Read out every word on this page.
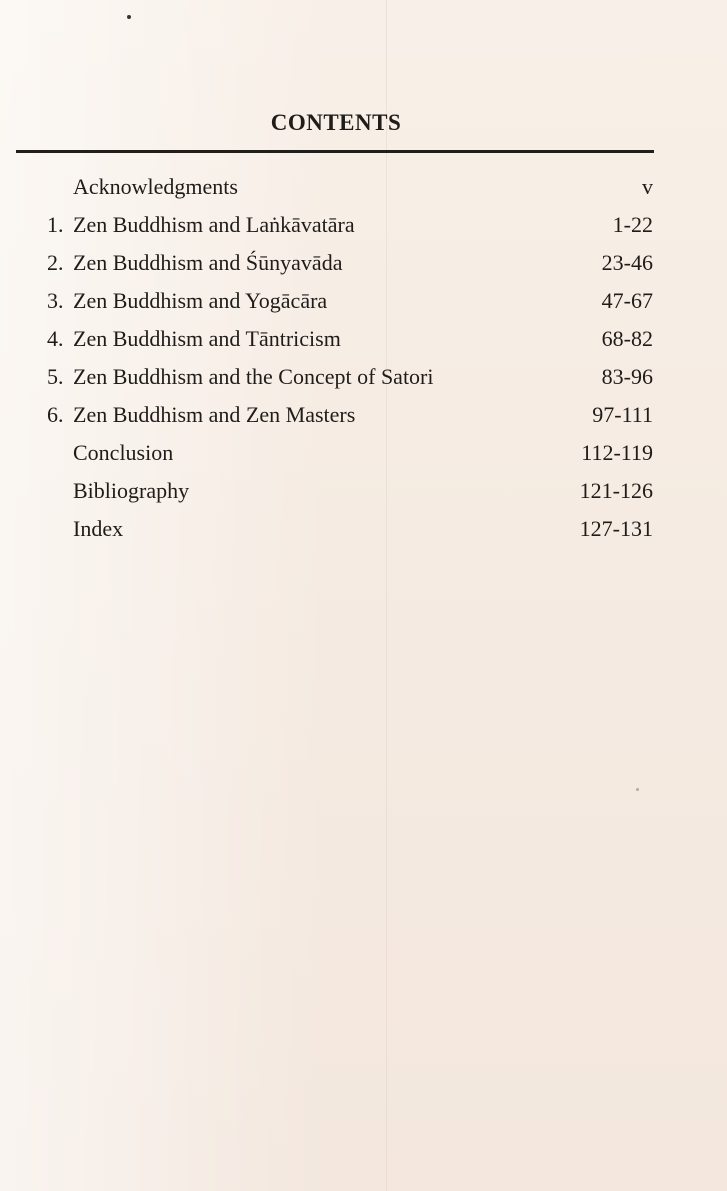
CONTENTS
Acknowledgments	v
1. Zen Buddhism and Laṅkāvatāra	1-22
2. Zen Buddhism and Śūnyavāda	23-46
3. Zen Buddhism and Yogācāra	47-67
4. Zen Buddhism and Tāntricism	68-82
5. Zen Buddhism and the Concept of Satori	83-96
6. Zen Buddhism and Zen Masters	97-111
Conclusion	112-119
Bibliography	121-126
Index	127-131
